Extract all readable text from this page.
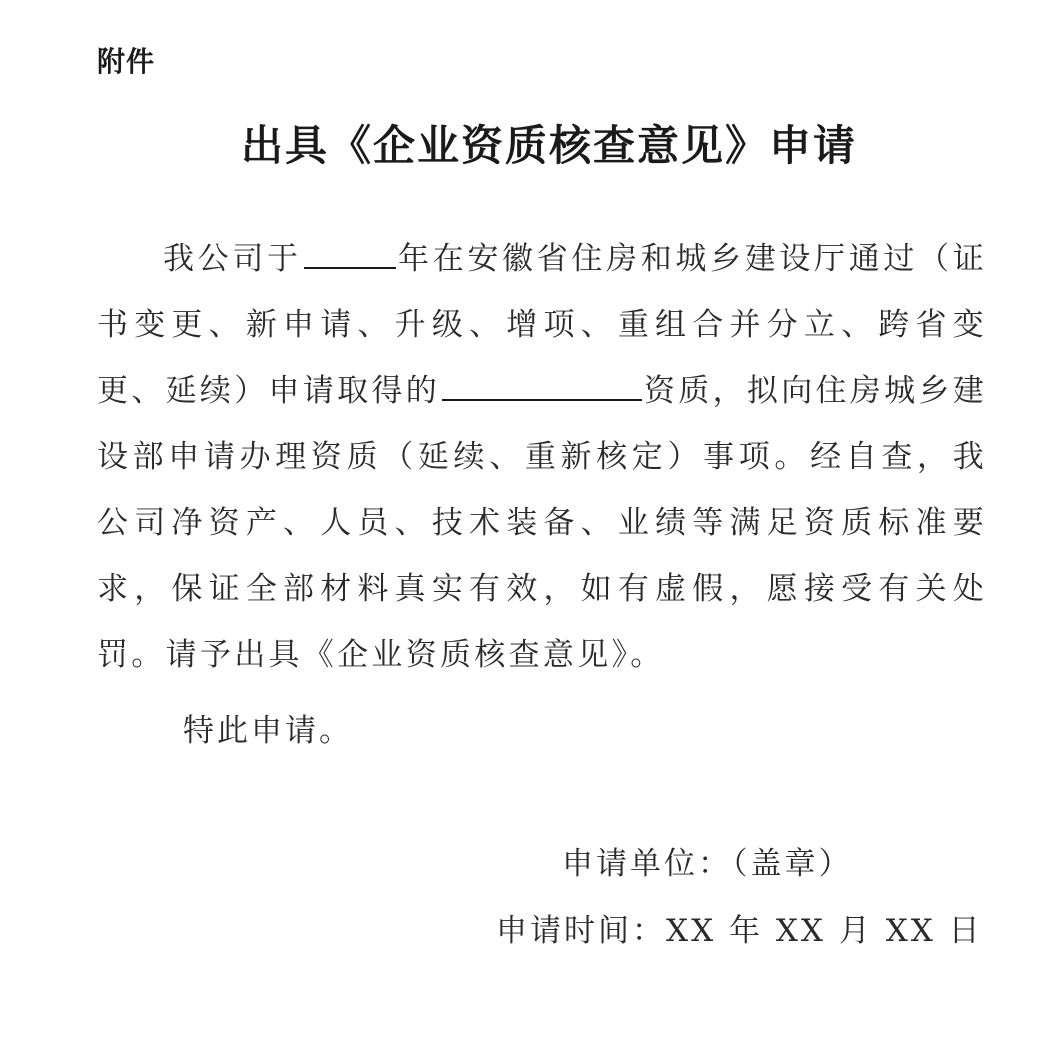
附件
出具《企业资质核查意见》申请

我公司于	年在安徽省住房和城乡建设厅通过（证书变更、新申请、升级、增项、重组合并分立、跨省变更、延续）申请取得的	资质，拟向住房城乡建设部申请办理资质（延续、重新核定）事项。经自查，我公司净资产、人员、技术装备、业绩等满足资质标准要求，保证全部材料真实有效，如有虚假，愿接受有关处罚。请予出具《企业资质核查意见》。

特此申请。
申请单位：（盖章）
申请时间：XX 年 XX 月 XX 日
